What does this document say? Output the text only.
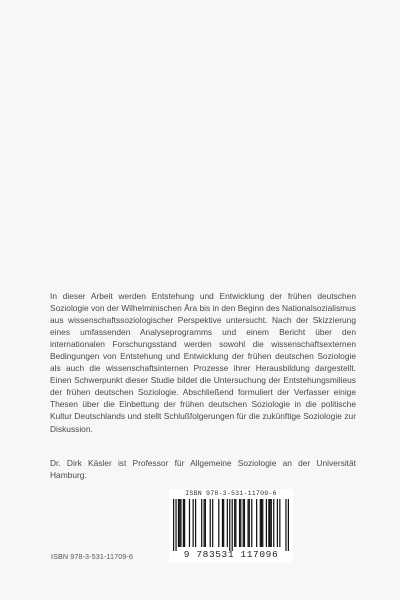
In dieser Arbeit werden Entstehung und Entwicklung der frühen deutschen Soziologie von der Wilhelminischen Ära bis in den Beginn des Nationalsozialismus aus wissenschaftssoziologischer Perspektive untersucht. Nach der Skizzierung eines umfassenden Analyseprogramms und einem Bericht über den internationalen Forschungsstand werden sowohl die wissenschaftsexternen Bedingungen von Entstehung und Entwicklung der frühen deutschen Soziologie als auch die wissenschaftsinternen Prozesse ihrer Herausbildung dargestellt. Einen Schwerpunkt dieser Studie bildet die Untersuchung der Entstehungsmilieus der frühen deutschen Soziologie. Abschließend formuliert der Verfasser einige Thesen über die Einbettung der frühen deutschen Soziologie in die politische Kultur Deutschlands und stellt Schlußfolgerungen für die zukünftige Soziologie zur Diskussion.

Dr. Dirk Käsler ist Professor für Allgemeine Soziologie an der Universität Hamburg.

ISBN 978-3-531-11709-6
9 783531 117096
ISBN 978-3-531-11709-6
